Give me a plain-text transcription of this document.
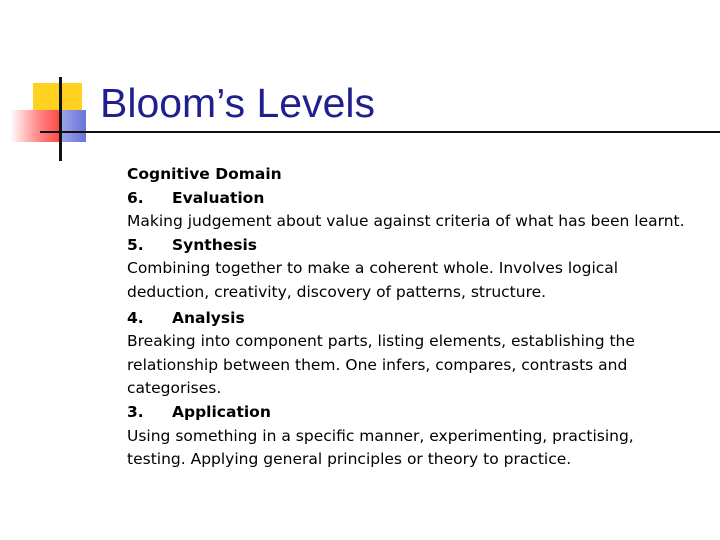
Bloom’s Levels

Cognitive Domain

6. Evaluation

Making judgement about value against criteria of what has been learnt.

5. Synthesis

Combining together to make a coherent whole. Involves logical deduction, creativity, discovery of patterns, structure.

4. Analysis

Breaking into component parts, listing elements, establishing the relationship between them. One infers, compares, contrasts and categorises.

3. Application

Using something in a specific manner, experimenting, practising, testing. Applying general principles or theory to practice.
